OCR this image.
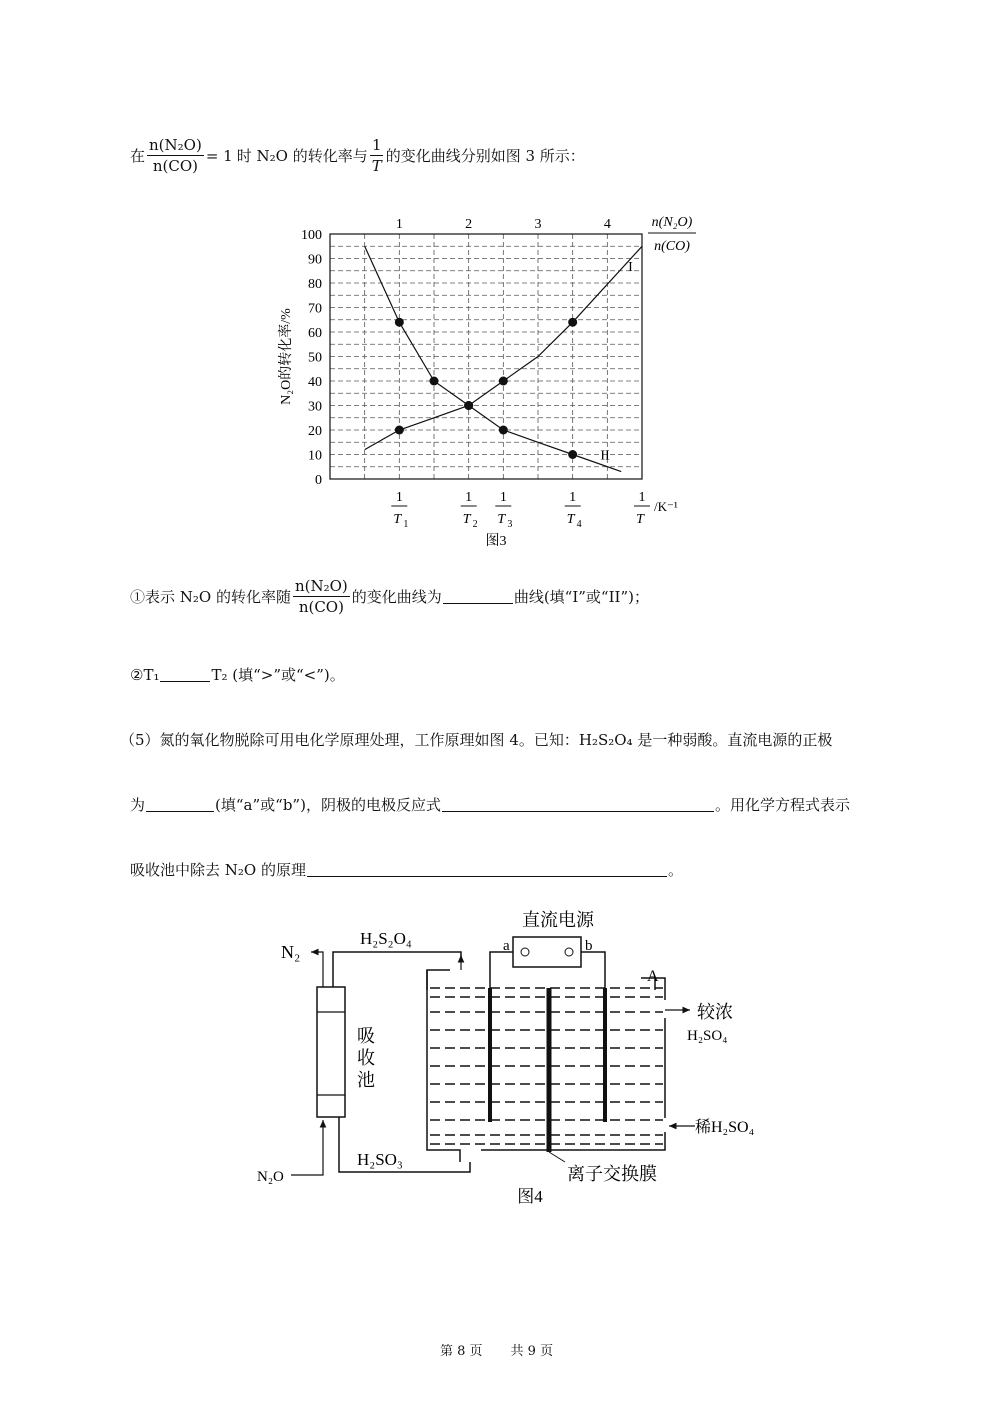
在 $\frac{\text{n(N₂O)}}{n(CO)} = 1$ 时 N₂O 的转化率与 $\frac{1}{T}$ 的变化曲线分别如图 3 所示：
0
10
20
30
40
50
60
70
80
90
100
1	2	3	4
1
T 1
1
T 2
1
T 3
1
T 4
1
T
/K⁻¹
n(N₂O)
n(CO)
N₂O的转化率/%
I
II
图3
①表示 N₂O 的转化率随 $\frac{\text{n(N₂O)}}{n(CO)}$ 的变化曲线为	曲线(填“I”或“II”)；
②T₁	T₂ (填“>”或“<”)。
（5）氮的氧化物脱除可用电化学原理处理，工作原理如图 4。已知：H₂S₂O₄ 是一种弱酸。直流电源的正极
为	(填“a”或“b”)，阴极的电极反应式	。用化学方程式表示
吸收池中除去 N₂O 的原理	。
直流电源
a	b
A
较浓
H₂SO₄
稀H₂SO₄
离子交换膜
吸
收
池
N₂
H₂S₂O₄
N₂O
H₂SO₃
图4
第 8 页 共 9 页
